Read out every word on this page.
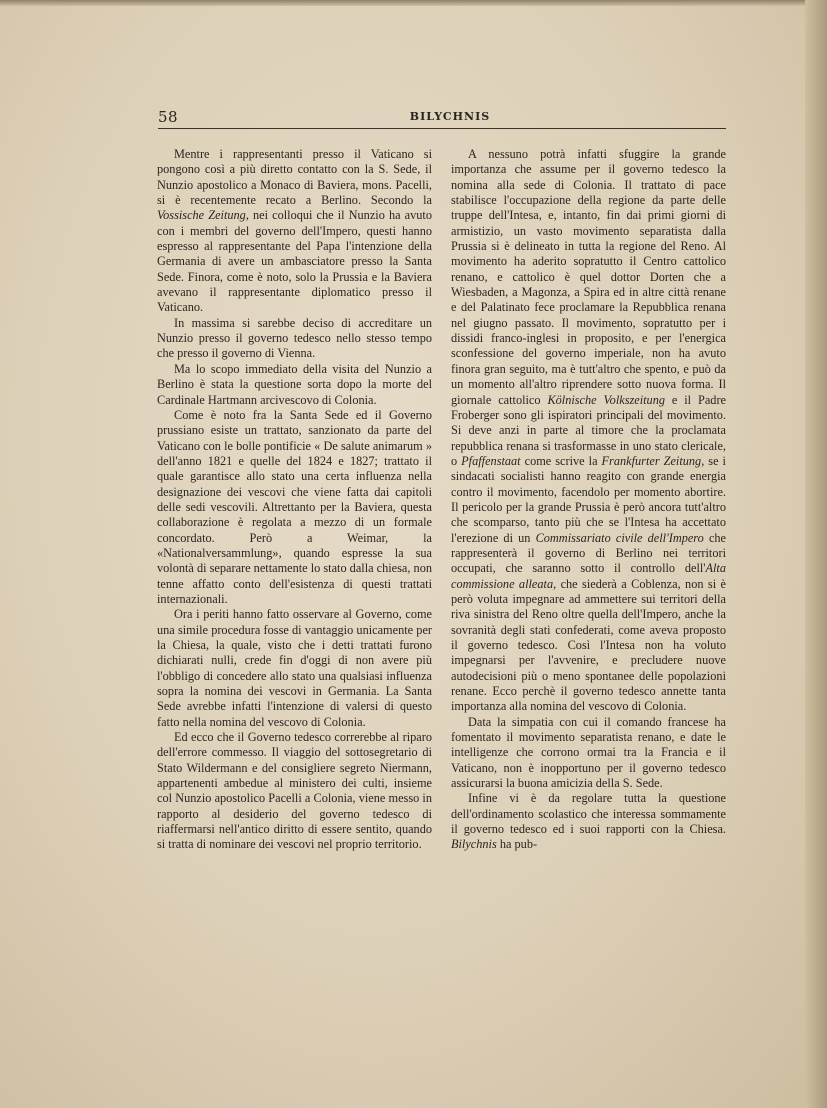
58	BILYCHNIS

Mentre i rappresentanti presso il Vaticano si pongono così a più diretto contatto con la S. Sede, il Nunzio apostolico a Monaco di Baviera, mons. Pacelli, si è recentemente recato a Berlino. Secondo la Vossische Zeitung, nei colloqui che il Nunzio ha avuto con i membri del governo dell'Impero, questi hanno espresso al rappresentante del Papa l'intenzione della Germania di avere un ambasciatore presso la Santa Sede. Finora, come è noto, solo la Prussia e la Baviera avevano il rappresentante diplomatico presso il Vaticano.

In massima si sarebbe deciso di accreditare un Nunzio presso il governo tedesco nello stesso tempo che presso il governo di Vienna.

Ma lo scopo immediato della visita del Nunzio a Berlino è stata la questione sorta dopo la morte del Cardinale Hartmann arcivescovo di Colonia.

Come è noto fra la Santa Sede ed il Governo prussiano esiste un trattato, sanzionato da parte del Vaticano con le bolle pontificie « De salute animarum » dell'anno 1821 e quelle del 1824 e 1827; trattato il quale garantisce allo stato una certa influenza nella designazione dei vescovi che viene fatta dai capitoli delle sedi vescovili. Altrettanto per la Baviera, questa collaborazione è regolata a mezzo di un formale concordato. Però a Weimar, la «Nationalversammlung», quando espresse la sua volontà di separare nettamente lo stato dalla chiesa, non tenne affatto conto dell'esistenza di questi trattati internazionali.

Ora i periti hanno fatto osservare al Governo, come una simile procedura fosse di vantaggio unicamente per la Chiesa, la quale, visto che i detti trattati furono dichiarati nulli, crede fin d'oggi di non avere più l'obbligo di concedere allo stato una qualsiasi influenza sopra la nomina dei vescovi in Germania. La Santa Sede avrebbe infatti l'intenzione di valersi di questo fatto nella nomina del vescovo di Colonia.

Ed ecco che il Governo tedesco correrebbe al riparo dell'errore commesso. Il viaggio del sottosegretario di Stato Wildermann e del consigliere segreto Niermann, appartenenti ambedue al ministero dei culti, insieme col Nunzio apostolico Pacelli a Colonia, viene messo in rapporto al desiderio del governo tedesco di riaffermarsi nell'antico diritto di essere sentito, quando si tratta di nominare dei vescovi nel proprio territorio.

A nessuno potrà infatti sfuggire la grande importanza che assume per il governo tedesco la nomina alla sede di Colonia. Il trattato di pace stabilisce l'occupazione della regione da parte delle truppe dell'Intesa, e, intanto, fin dai primi giorni di armistizio, un vasto movimento separatista dalla Prussia si è delineato in tutta la regione del Reno. Al movimento ha aderito sopratutto il Centro cattolico renano, e cattolico è quel dottor Dorten che a Wiesbaden, a Magonza, a Spira ed in altre città renane e del Palatinato fece proclamare la Repubblica renana nel giugno passato. Il movimento, sopratutto per i dissidi franco-inglesi in proposito, e per l'energica sconfessione del governo imperiale, non ha avuto finora gran seguito, ma è tutt'altro che spento, e può da un momento all'altro riprendere sotto nuova forma. Il giornale cattolico Kölnische Volkszeitung e il Padre Froberger sono gli ispiratori principali del movimento. Si deve anzi in parte al timore che la proclamata repubblica renana si trasformasse in uno stato clericale, o Pfaffenstaat come scrive la Frankfurter Zeitung, se i sindacati socialisti hanno reagito con grande energia contro il movimento, facendolo per momento abortire. Il pericolo per la grande Prussia è però ancora tutt'altro che scomparso, tanto più che se l'Intesa ha accettato l'erezione di un Commissariato civile dell'Impero che rappresenterà il governo di Berlino nei territori occupati, che saranno sotto il controllo dell'Alta commissione alleata, che siederà a Coblenza, non si è però voluta impegnare ad ammettere sui territori della riva sinistra del Reno oltre quella dell'Impero, anche la sovranità degli stati confederati, come aveva proposto il governo tedesco. Così l'Intesa non ha voluto impegnarsi per l'avvenire, e precludere nuove autodecisioni più o meno spontanee delle popolazioni renane. Ecco perchè il governo tedesco annette tanta importanza alla nomina del vescovo di Colonia.

Data la simpatia con cui il comando francese ha fomentato il movimento separatista renano, e date le intelligenze che corrono ormai tra la Francia e il Vaticano, non è inopportuno per il governo tedesco assicurarsi la buona amicizia della S. Sede.

Infine vi è da regolare tutta la questione dell'ordinamento scolastico che interessa sommamente il governo tedesco ed i suoi rapporti con la Chiesa. Bilychnis ha pub-
